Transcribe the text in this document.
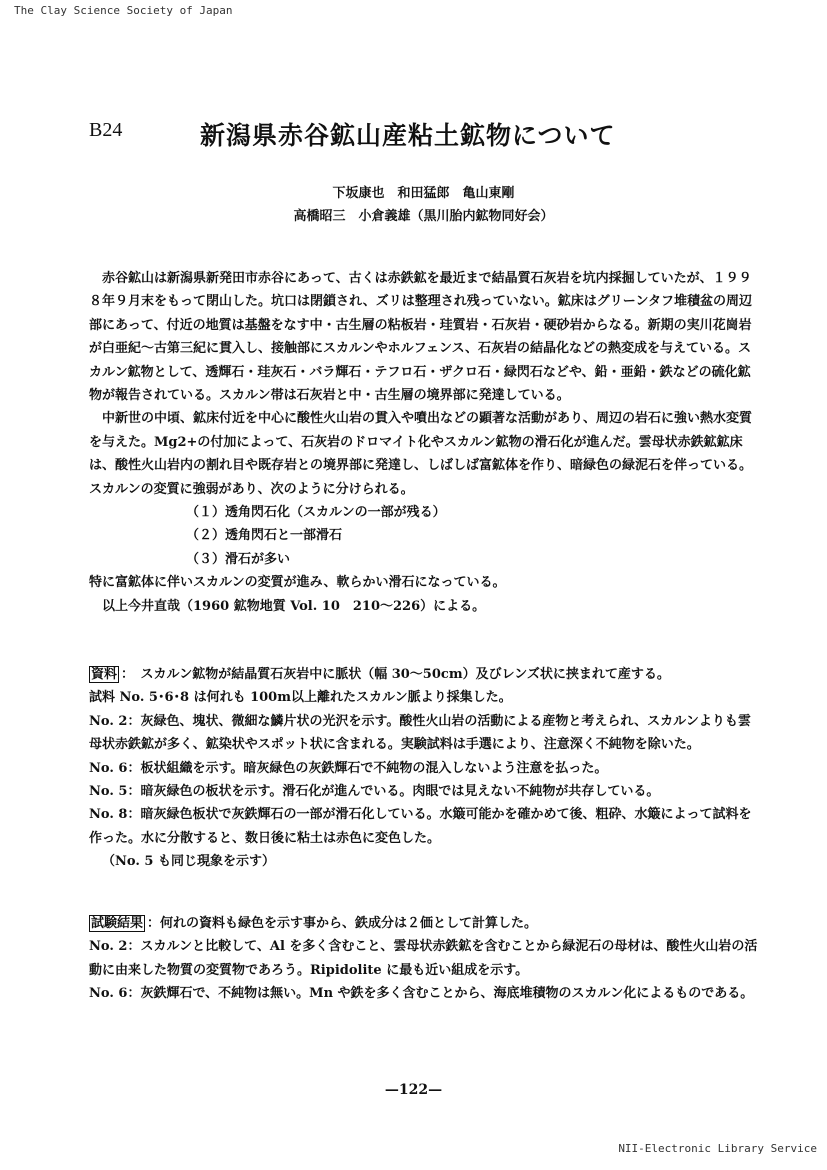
The Clay Science Society of Japan
B24	新潟県赤谷鉱山産粘土鉱物について
下坂康也　和田猛郎　亀山東剛
高橋昭三　小倉義雄（黒川胎内鉱物同好会）

赤谷鉱山は新潟県新発田市赤谷にあって、古くは赤鉄鉱を最近まで結晶質石灰岩を坑内採掘していたが、１９９８年９月末をもって閉山した。坑口は閉鎖され、ズリは整理され残っていない。鉱床はグリーンタフ堆積盆の周辺部にあって、付近の地質は基盤をなす中・古生層の粘板岩・珪質岩・石灰岩・硬砂岩からなる。新期の実川花崗岩が白亜紀～古第三紀に貫入し、接触部にスカルンやホルフェンス、石灰岩の結晶化などの熱変成を与えている。スカルン鉱物として、透輝石・珪灰石・バラ輝石・テフロ石・ザクロ石・緑閃石などや、鉛・亜鉛・鉄などの硫化鉱物が報告されている。スカルン帯は石灰岩と中・古生層の境界部に発達している。

中新世の中頃、鉱床付近を中心に酸性火山岩の貫入や噴出などの顕著な活動があり、周辺の岩石に強い熱水変質を与えた。Mg2+の付加によって、石灰岩のドロマイト化やスカルン鉱物の滑石化が進んだ。雲母状赤鉄鉱鉱床は、酸性火山岩内の割れ目や既存岩との境界部に発達し、しばしば富鉱体を作り、暗緑色の緑泥石を伴っている。スカルンの変質に強弱があり、次のように分けられる。

（１）透角閃石化（スカルンの一部が残る）

（２）透角閃石と一部滑石

（３）滑石が多い

特に富鉱体に伴いスカルンの変質が進み、軟らかい滑石になっている。

以上今井直哉（1960 鉱物地質 Vol. 10　210～226）による。

資料 ：　スカルン鉱物が結晶質石灰岩中に脈状（幅 30～50cm）及びレンズ状に挟まれて産する。

試料 No. 5･6･8 は何れも 100m以上離れたスカルン脈より採集した。

No. 2：灰緑色、塊状、微細な鱗片状の光沢を示す。酸性火山岩の活動による産物と考えられ、スカルンよりも雲母状赤鉄鉱が多く、鉱染状やスポット状に含まれる。実験試料は手選により、注意深く不純物を除いた。

No. 6：板状組織を示す。暗灰緑色の灰鉄輝石で不純物の混入しないよう注意を払った。

No. 5：暗灰緑色の板状を示す。滑石化が進んでいる。肉眼では見えない不純物が共存している。

No. 8：暗灰緑色板状で灰鉄輝石の一部が滑石化している。水簸可能かを確かめて後、粗砕、水簸によって試料を作った。水に分散すると、数日後に粘土は赤色に変色した。

（No. 5 も同じ現象を示す）

試験結果 ：何れの資料も緑色を示す事から、鉄成分は２価として計算した。

No. 2：スカルンと比較して、Al を多く含むこと、雲母状赤鉄鉱を含むことから緑泥石の母材は、酸性火山岩の活動に由来した物質の変質物であろう。Ripidolite に最も近い組成を示す。

No. 6：灰鉄輝石で、不純物は無い。Mn や鉄を多く含むことから、海底堆積物のスカルン化によるものである。

—122—
NII-Electronic Library Service
